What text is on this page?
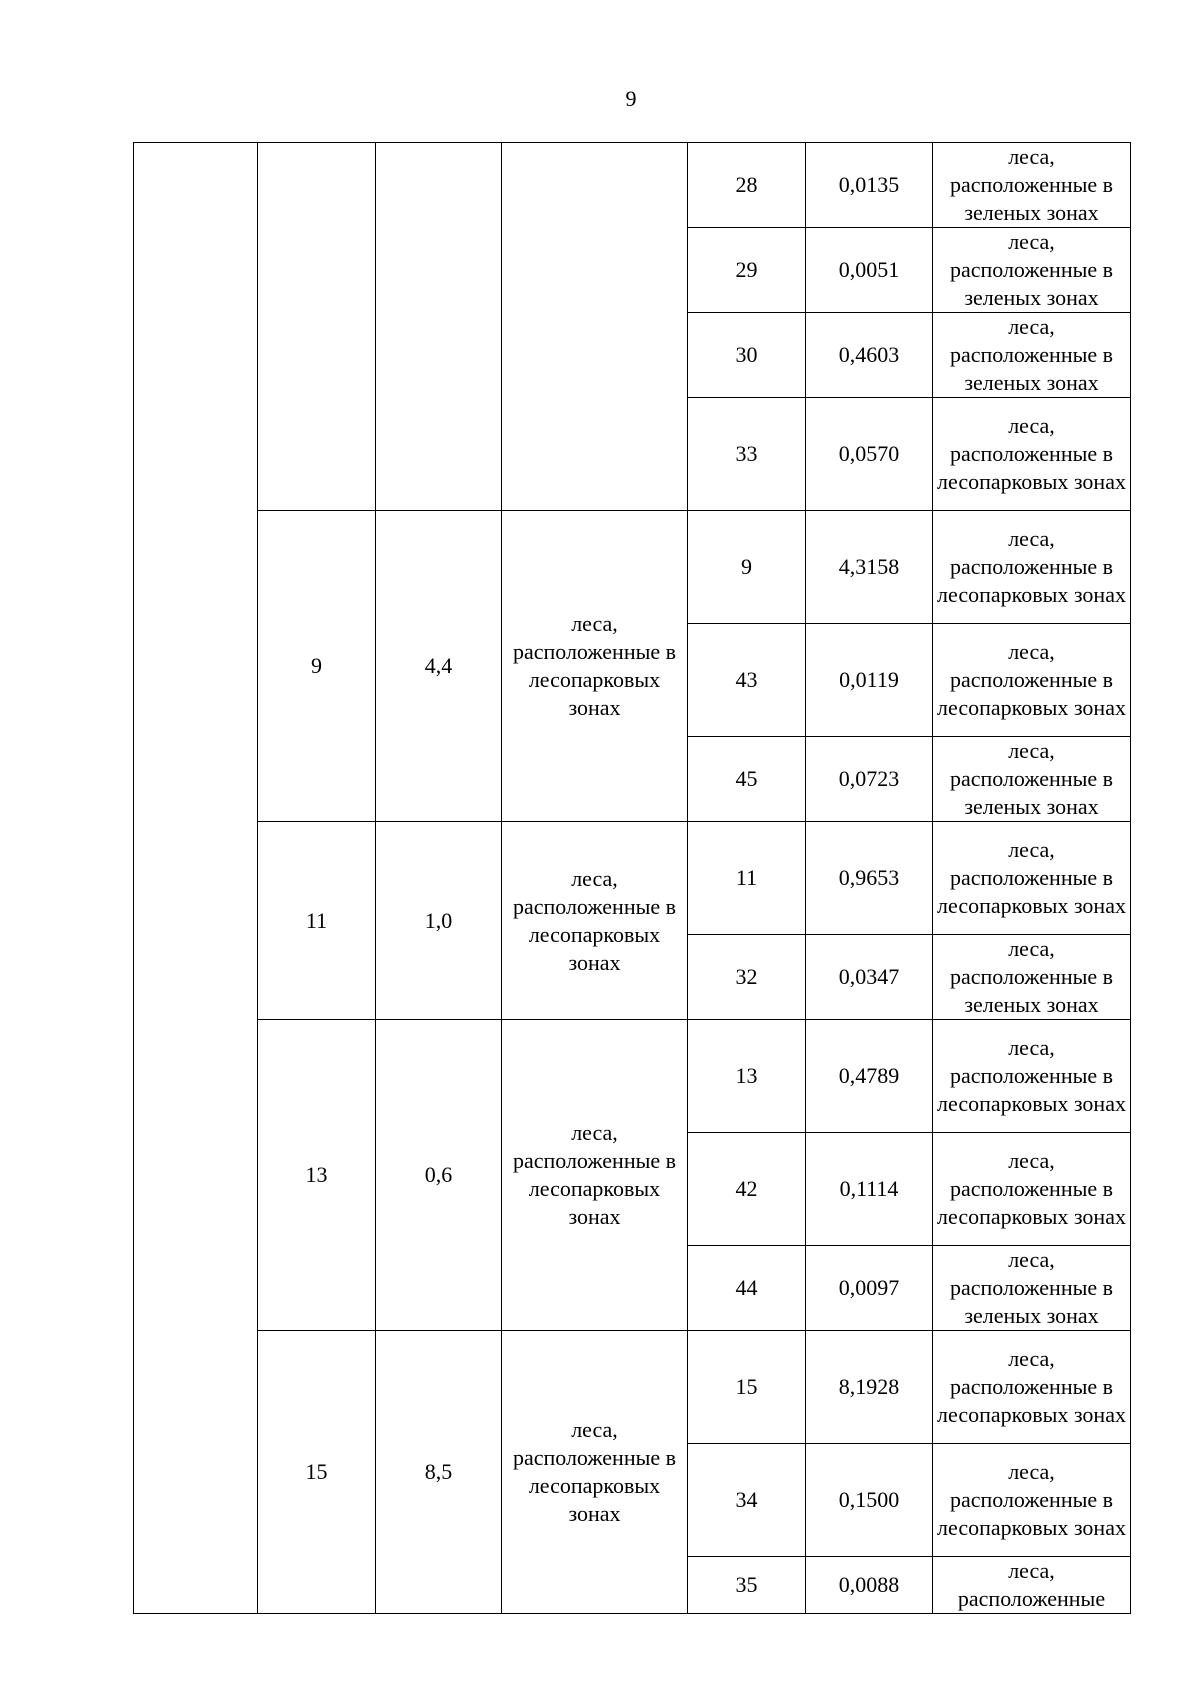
9
				28	0,0135	леса, расположенные в зеленых зонах
				29	0,0051	леса, расположенные в зеленых зонах
				30	0,4603	леса, расположенные в зеленых зонах
				33	0,0570	леса, расположенные в лесопарковых зонах
	9	4,4	леса, расположенные в лесопарковых зонах	9	4,3158	леса, расположенные в лесопарковых зонах
				43	0,0119	леса, расположенные в лесопарковых зонах
				45	0,0723	леса, расположенные в зеленых зонах
	11	1,0	леса, расположенные в лесопарковых зонах	11	0,9653	леса, расположенные в лесопарковых зонах
				32	0,0347	леса, расположенные в зеленых зонах
	13	0,6	леса, расположенные в лесопарковых зонах	13	0,4789	леса, расположенные в лесопарковых зонах
				42	0,1114	леса, расположенные в лесопарковых зонах
				44	0,0097	леса, расположенные в зеленых зонах
	15	8,5	леса, расположенные в лесопарковых зонах	15	8,1928	леса, расположенные в лесопарковых зонах
				34	0,1500	леса, расположенные в лесопарковых зонах
				35	0,0088	леса, расположенные
